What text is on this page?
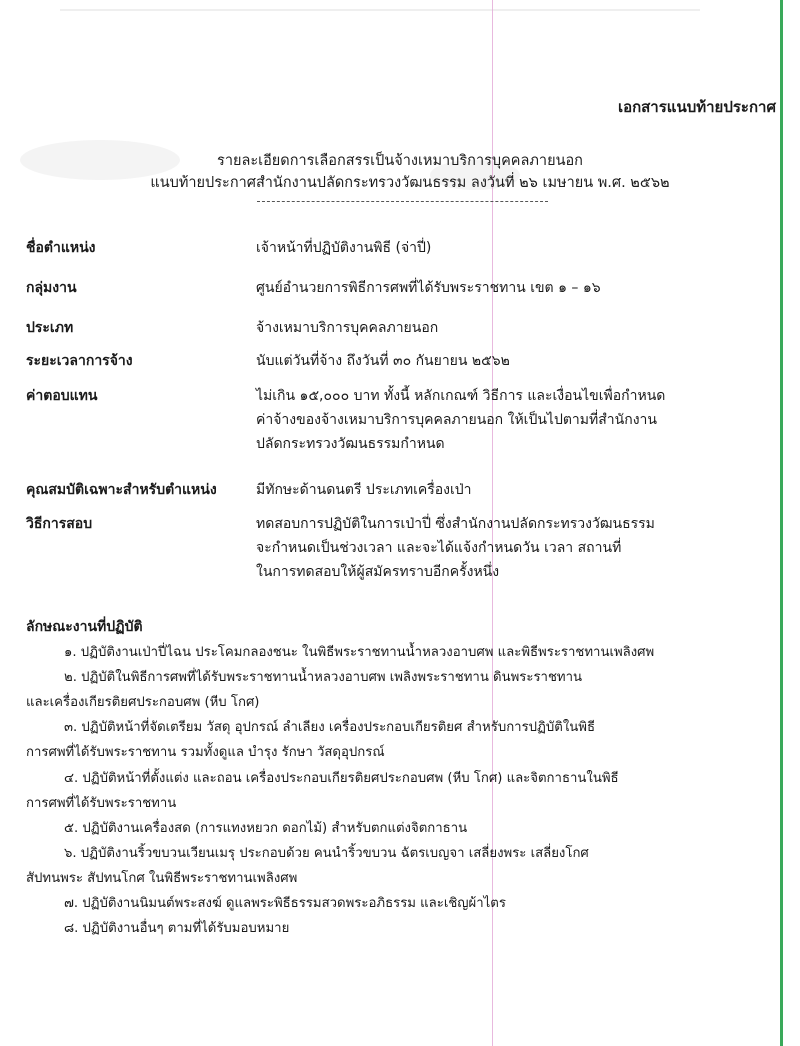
เอกสารแนบท้ายประกาศ
รายละเอียดการเลือกสรรเป็นจ้างเหมาบริการบุคคลภายนอก
แนบท้ายประกาศสำนักงานปลัดกระทรวงวัฒนธรรม ลงวันที่ ๒๖ เมษายน พ.ศ. ๒๕๖๒
ชื่อตำแหน่ง	เจ้าหน้าที่ปฏิบัติงานพิธี (จ่าปี่)
กลุ่มงาน	ศูนย์อำนวยการพิธีการศพที่ได้รับพระราชทาน เขต ๑ – ๑๖
ประเภท	จ้างเหมาบริการบุคคลภายนอก
ระยะเวลาการจ้าง	นับแต่วันที่จ้าง ถึงวันที่ ๓๐ กันยายน ๒๕๖๒
ค่าตอบแทน	ไม่เกิน ๑๕,๐๐๐ บาท ทั้งนี้ หลักเกณฑ์ วิธีการ และเงื่อนไขเพื่อกำหนด
ค่าจ้างของจ้างเหมาบริการบุคคลภายนอก ให้เป็นไปตามที่สำนักงาน
ปลัดกระทรวงวัฒนธรรมกำหนด
คุณสมบัติเฉพาะสำหรับตำแหน่ง	มีทักษะด้านดนตรี ประเภทเครื่องเป่า
วิธีการสอบ	ทดสอบการปฏิบัติในการเป่าปี่ ซึ่งสำนักงานปลัดกระทรวงวัฒนธรรม
จะกำหนดเป็นช่วงเวลา และจะได้แจ้งกำหนดวัน เวลา สถานที่
ในการทดสอบให้ผู้สมัครทราบอีกครั้งหนึ่ง
ลักษณะงานที่ปฏิบัติ
๑. ปฏิบัติงานเป่าปี่ไฉน ประโคมกลองชนะ ในพิธีพระราชทานน้ำหลวงอาบศพ และพิธีพระราชทานเพลิงศพ
๒. ปฏิบัติในพิธีการศพที่ได้รับพระราชทานน้ำหลวงอาบศพ เพลิงพระราชทาน ดินพระราชทาน
และเครื่องเกียรติยศประกอบศพ (หีบ โกศ)
๓. ปฏิบัติหน้าที่จัดเตรียม วัสดุ อุปกรณ์ ลำเลียง เครื่องประกอบเกียรติยศ สำหรับการปฏิบัติในพิธี
การศพที่ได้รับพระราชทาน รวมทั้งดูแล บำรุง รักษา วัสดุอุปกรณ์
๔. ปฏิบัติหน้าที่ตั้งแต่ง และถอน เครื่องประกอบเกียรติยศประกอบศพ (หีบ โกศ) และจิตกาธานในพิธี
การศพที่ได้รับพระราชทาน
๕. ปฏิบัติงานเครื่องสด (การแทงหยวก ดอกไม้) สำหรับตกแต่งจิตกาธาน
๖. ปฏิบัติงานริ้วขบวนเวียนเมรุ ประกอบด้วย คนนำริ้วขบวน ฉัตรเบญจา เสลี่ยงพระ เสลี่ยงโกศ
สัปทนพระ สัปทนโกศ ในพิธีพระราชทานเพลิงศพ
๗. ปฏิบัติงานนิมนต์พระสงฆ์ ดูแลพระพิธีธรรมสวดพระอภิธรรม และเชิญผ้าไตร
๘. ปฏิบัติงานอื่นๆ ตามที่ได้รับมอบหมาย
